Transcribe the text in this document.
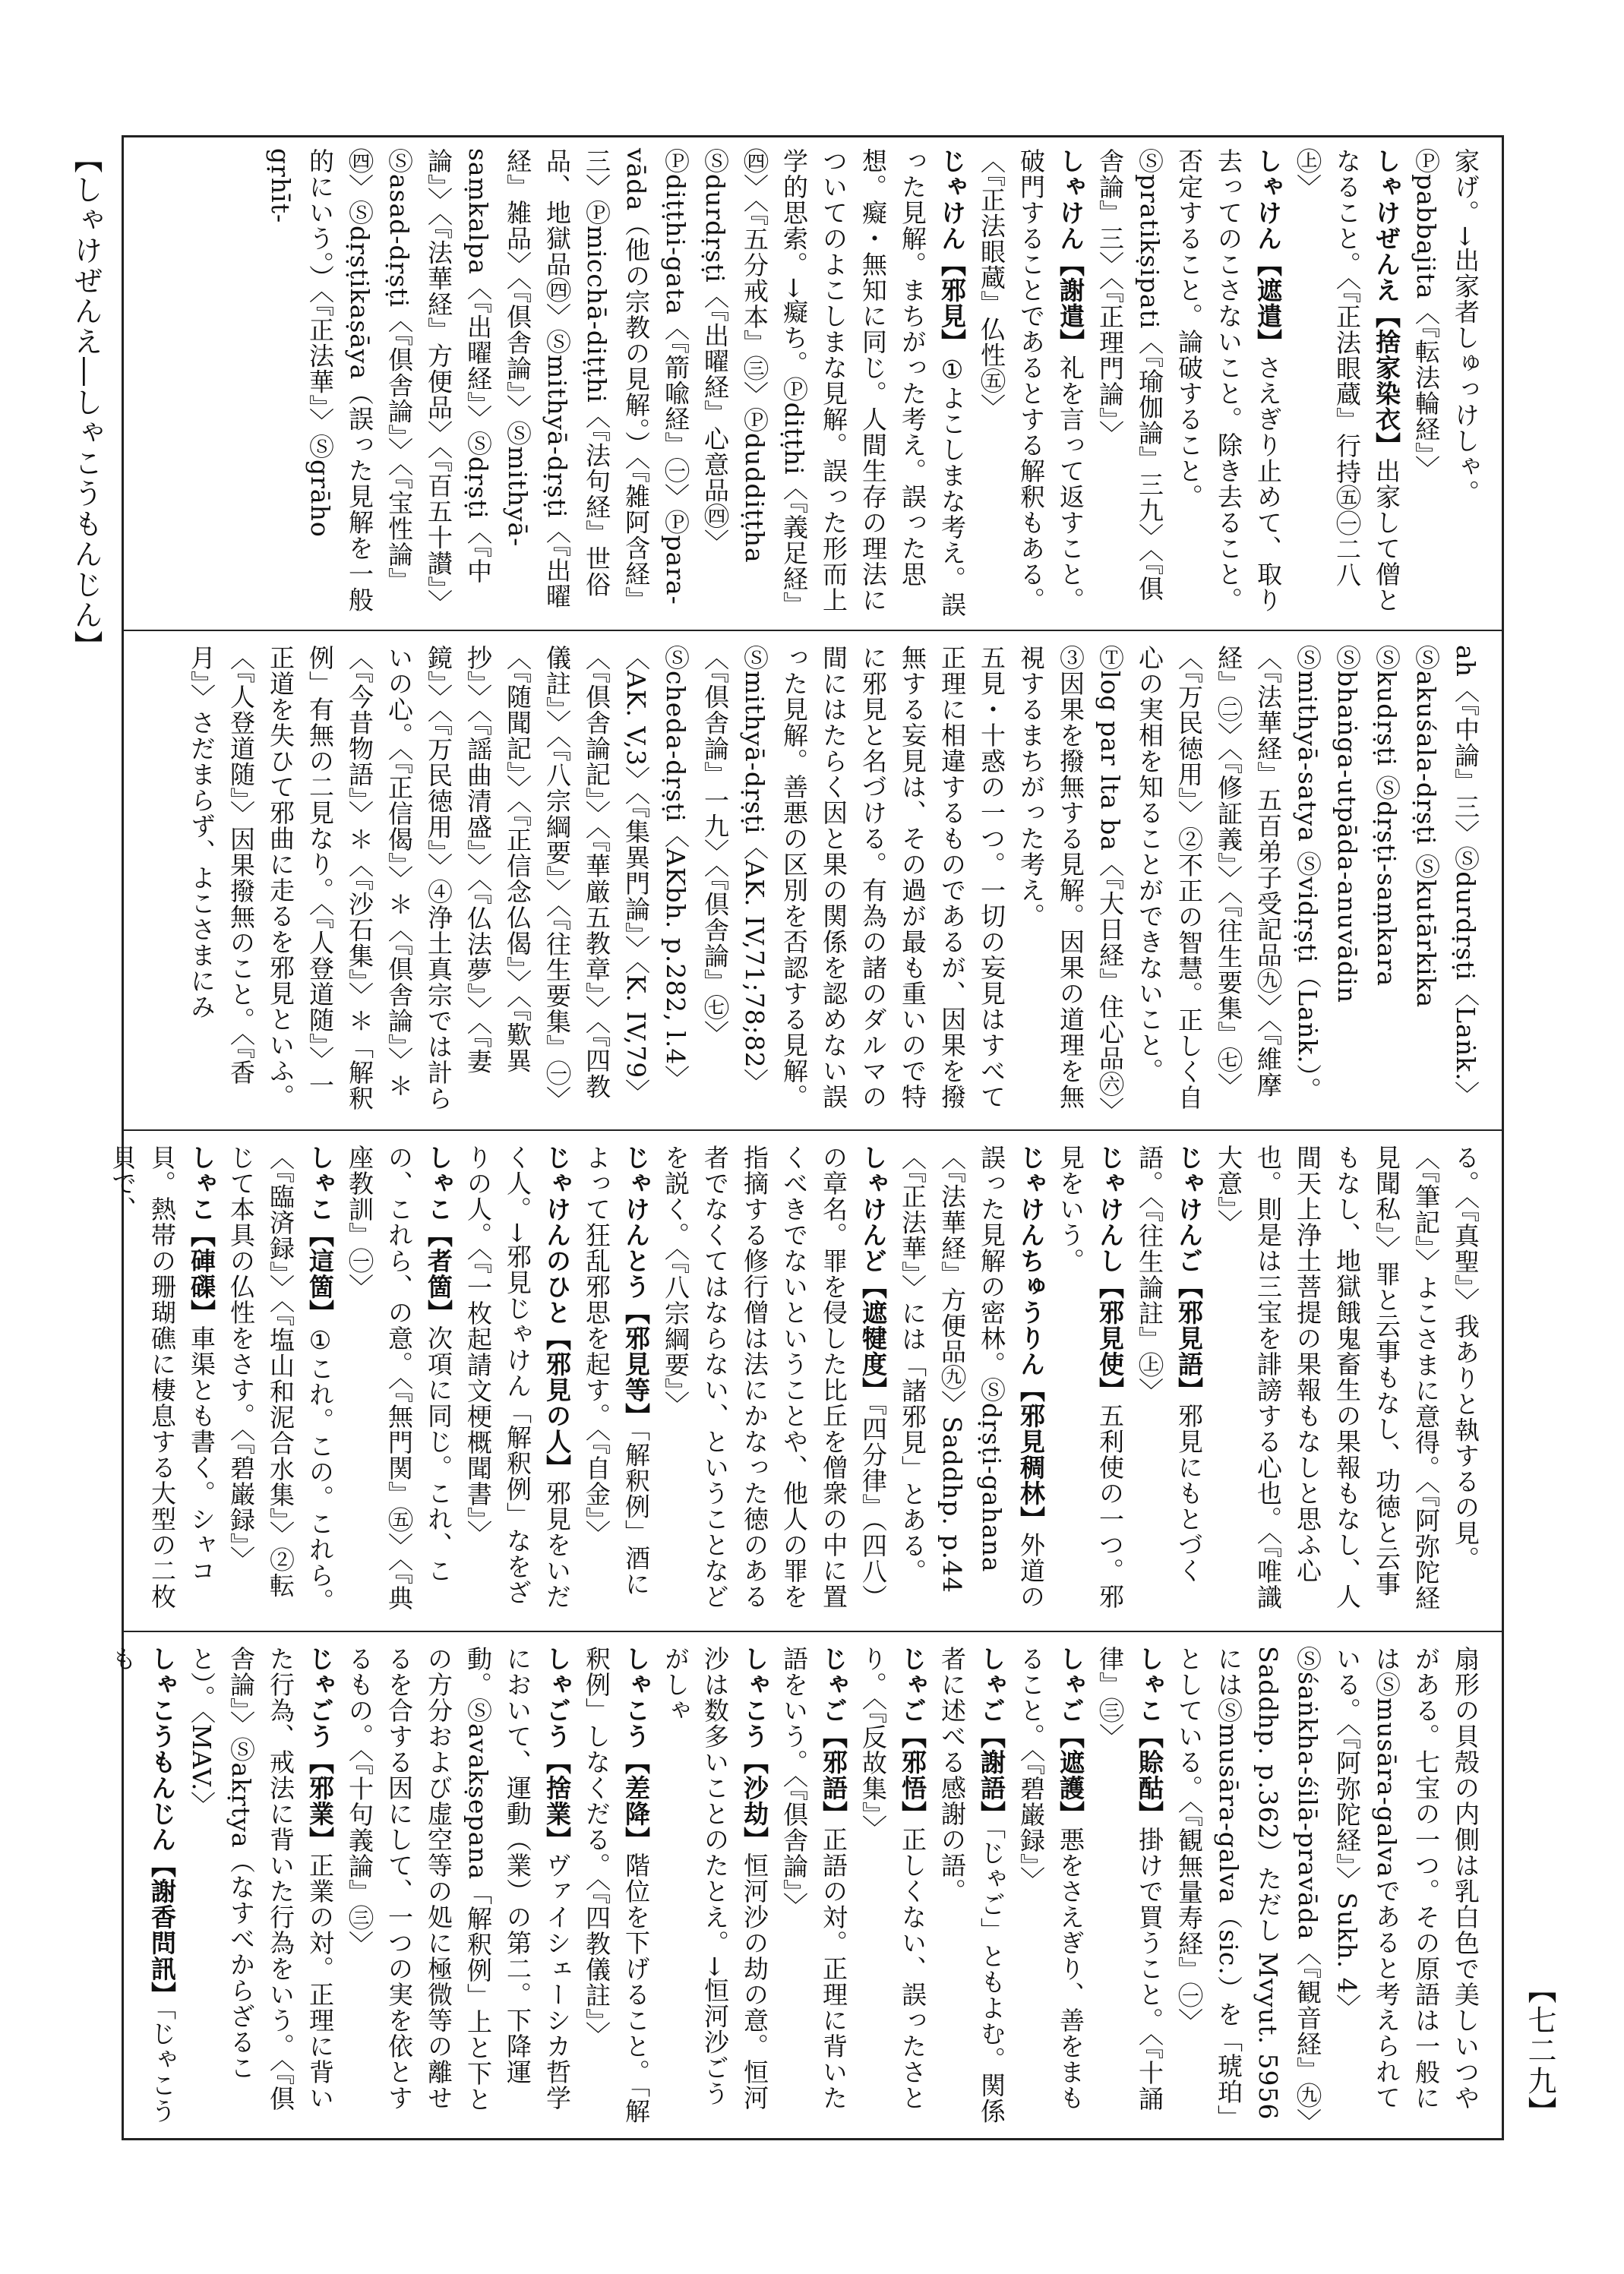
家げ。→出家者しゅっけしゃ。Ⓟpabbajita〈『転法輪経』〉

しゃけぜんえ【捨家染衣】出家して僧となること。〈『正法眼蔵』行持㊄㊀二八㊤〉

しゃけん【遮遣】さえぎり止めて、取り去ってのこさないこと。除き去ること。否定すること。論破すること。Ⓢpratikṣipati〈『瑜伽論』三九〉〈『俱舎論』三〉〈『正理門論』〉

しゃけん【謝遣】礼を言って返すこと。破門することであるとする解釈もある。〈『正法眼蔵』仏性㊄〉

じゃけん【邪見】①よこしまな考え。誤った見解。まちがった考え。誤った思想。癡・無知に同じ。人間生存の理法についてのよこしまな見解。誤った形而上学的思索。→癡ち。Ⓟdiṭṭhi〈『義足経』㊃〉〈『五分戒本』㊂〉Ⓟduddiṭṭha Ⓢdurdṛṣṭi〈『出曜経』心意品㊃〉Ⓟdiṭṭhi-gata〈『箭喩経』㊀〉Ⓟpara-vāda（他の宗教の見解。）〈『雑阿含経』三〉Ⓟmicchā-diṭṭhi〈『法句経』世俗品、地獄品㊃〉Ⓢmithyā-dṛṣṭi〈『出曜経』雑品〉〈『倶舎論』〉Ⓢmithyā-saṃkalpa〈『出曜経』〉Ⓢdṛṣṭi〈『中論』〉〈『法華経』方便品〉〈『百五十讃』〉Ⓢasad-dṛṣṭi〈『倶舎論』〉〈『宝性論』㊃〉Ⓢdṛṣṭikaṣāya（誤った見解を一般的にいう。）〈『正法華』〉Ⓢgrāho gṛhīt-

ah〈『中論』三〉Ⓢdurdṛṣṭi〈Laṅk.〉Ⓢakuśala-dṛṣṭi Ⓢkutārkika Ⓢkudṛṣṭi Ⓢdṛṣṭi-saṃkara Ⓢbhaṅga-utpāda-anuvādin Ⓢmithyā-satya Ⓢvidṛṣṭi（Laṅk.）。〈『法華経』五百弟子受記品㊈〉〈『維摩経』㊁〉〈『修証義』〉〈『往生要集』㊆〉〈『万民徳用』〉②不正の智慧。正しく自心の実相を知ることができないこと。Ⓣlog par lta ba〈『大日経』住心品㊅〉③因果を撥無する見解。因果の道理を無視するまちがった考え。

五見・十惑の一つ。一切の妄見はすべて正理に相違するものであるが、因果を撥無する妄見は、その過が最も重いので特に邪見と名づける。有為の諸のダルマの間にはたらく因と果の関係を認めない誤った見解。善悪の区別を否認する見解。Ⓢmithyā-dṛṣṭi〈AK. IV,71;78;82〉〈『倶舎論』一九〉〈『倶舎論』㊆〉Ⓢcheda-dṛṣṭi〈AKbh. p.282, l.4〉〈AK. V,3〉〈『集異門論』〉〈K. IV,79〉〈『倶舎論記』〉〈『華厳五教章』〉〈『四教儀註』〉〈『八宗綱要』〉〈『往生要集』㊀〉〈『随聞記』〉〈『正信念仏偈』〉〈『歎異抄』〉〈『謡曲清盛』〉〈『仏法夢』〉〈『妻鏡』〉〈『万民徳用』〉④浄土真宗では計らいの心。〈『正信偈』〉＊〈『倶舎論』〉＊〈『今昔物語』〉＊〈『沙石集』〉＊「解釈例」有無の二見なり。〈『人登道随』〉一正道を失ひて邪曲に走るを邪見といふ。〈『人登道随』〉因果撥無のこと。〈『香月』〉さだまらず、よこさまにみ

る。〈『真聖』〉我ありと執するの見。〈『筆記』〉よこさまに意得。〈『阿弥陀経見聞私』〉罪と云事もなし、功徳と云事もなし、地獄餓鬼畜生の果報もなし、人間天上浄土菩提の果報もなしと思ふ心也。則是は三宝を誹謗する心也。〈『唯識大意』〉

じゃけんご【邪見語】邪見にもとづく語。〈『往生論註』㊤〉

じゃけんし【邪見使】五利使の一つ。邪見をいう。

じゃけんちゅうりん【邪見稠林】外道の誤った見解の密林。Ⓢdṛṣṭi-gahana〈『法華経』方便品㊈〉Saddhp. p.44〈『正法華』〉には「諸邪見」とある。

しゃけんど【遮犍度】『四分律』（四八）の章名。罪を侵した比丘を僧衆の中に置くべきでないということや、他人の罪を指摘する修行僧は法にかなった徳のある者でなくてはならない、ということなどを説く。〈『八宗綱要』〉

じゃけんとう【邪見等】「解釈例」酒によって狂乱邪思を起す。〈『自金』〉

じゃけんのひと【邪見の人】邪見をいだく人。→邪見じゃけん「解釈例」なをざりの人。〈『一枚起請文梗概聞書』〉

しゃこ【者箇】次項に同じ。これ、この、これら、の意。〈『無門関』㊄〉〈『典座教訓』㊀〉

しゃこ【這箇】①これ。この。これら。〈『臨済録』〉〈『塩山和泥合水集』〉②転じて本具の仏性をさす。〈『碧巌録』〉

しゃこ【硨磲】車渠とも書く。シャコ貝。熱帯の珊瑚礁に棲息する大型の二枚貝で、

扇形の貝殻の内側は乳白色で美しいつやがある。七宝の一つ。その原語は一般にはⓈmusāra-galvaであると考えられている。〈『阿弥陀経』〉Sukh. 4〉Ⓢśaṅkha-śilā-pravāda〈『観音経』㊈〉Saddhp. p.362）ただし Mvyut. 5956 にはⓈmusāra-galva（sic.）を「琥珀」としている。〈『観無量寿経』㊀〉

しゃこ【賒酤】掛けで買うこと。〈『十誦律』㊂〉

しゃご【遮護】悪をさえぎり、善をまもること。〈『碧巌録』〉

しゃご【謝語】「じゃご」ともよむ。関係者に述べる感謝の語。

じゃご【邪悟】正しくない、誤ったさとり。〈『反故集』〉

じゃご【邪語】正語の対。正理に背いた語をいう。〈『倶舎論』〉

しゃこう【沙劫】恒河沙の劫の意。恒河沙は数多いことのたとえ。→恒河沙ごうがしゃ

しゃこう【差降】階位を下げること。「解釈例」しなくだる。〈『四教儀註』〉

しゃごう【捨業】ヴァイシェーシカ哲学において、運動（業）の第二。下降運動。Ⓢavakṣepana「解釈例」上と下との方分および虚空等の処に極微等の離せるを合する因にして、一つの実を依とするもの。〈『十句義論』㊂〉

じゃごう【邪業】正業の対。正理に背いた行為、戒法に背いた行為をいう。〈『倶舎論』〉Ⓢakṛtya（なすべからざること）。〈MAV.〉

しゃこうもんじん【謝香問訊】「じゃこうも

【しゃけぜんえ―しゃこうもんじん】
【七二九】
